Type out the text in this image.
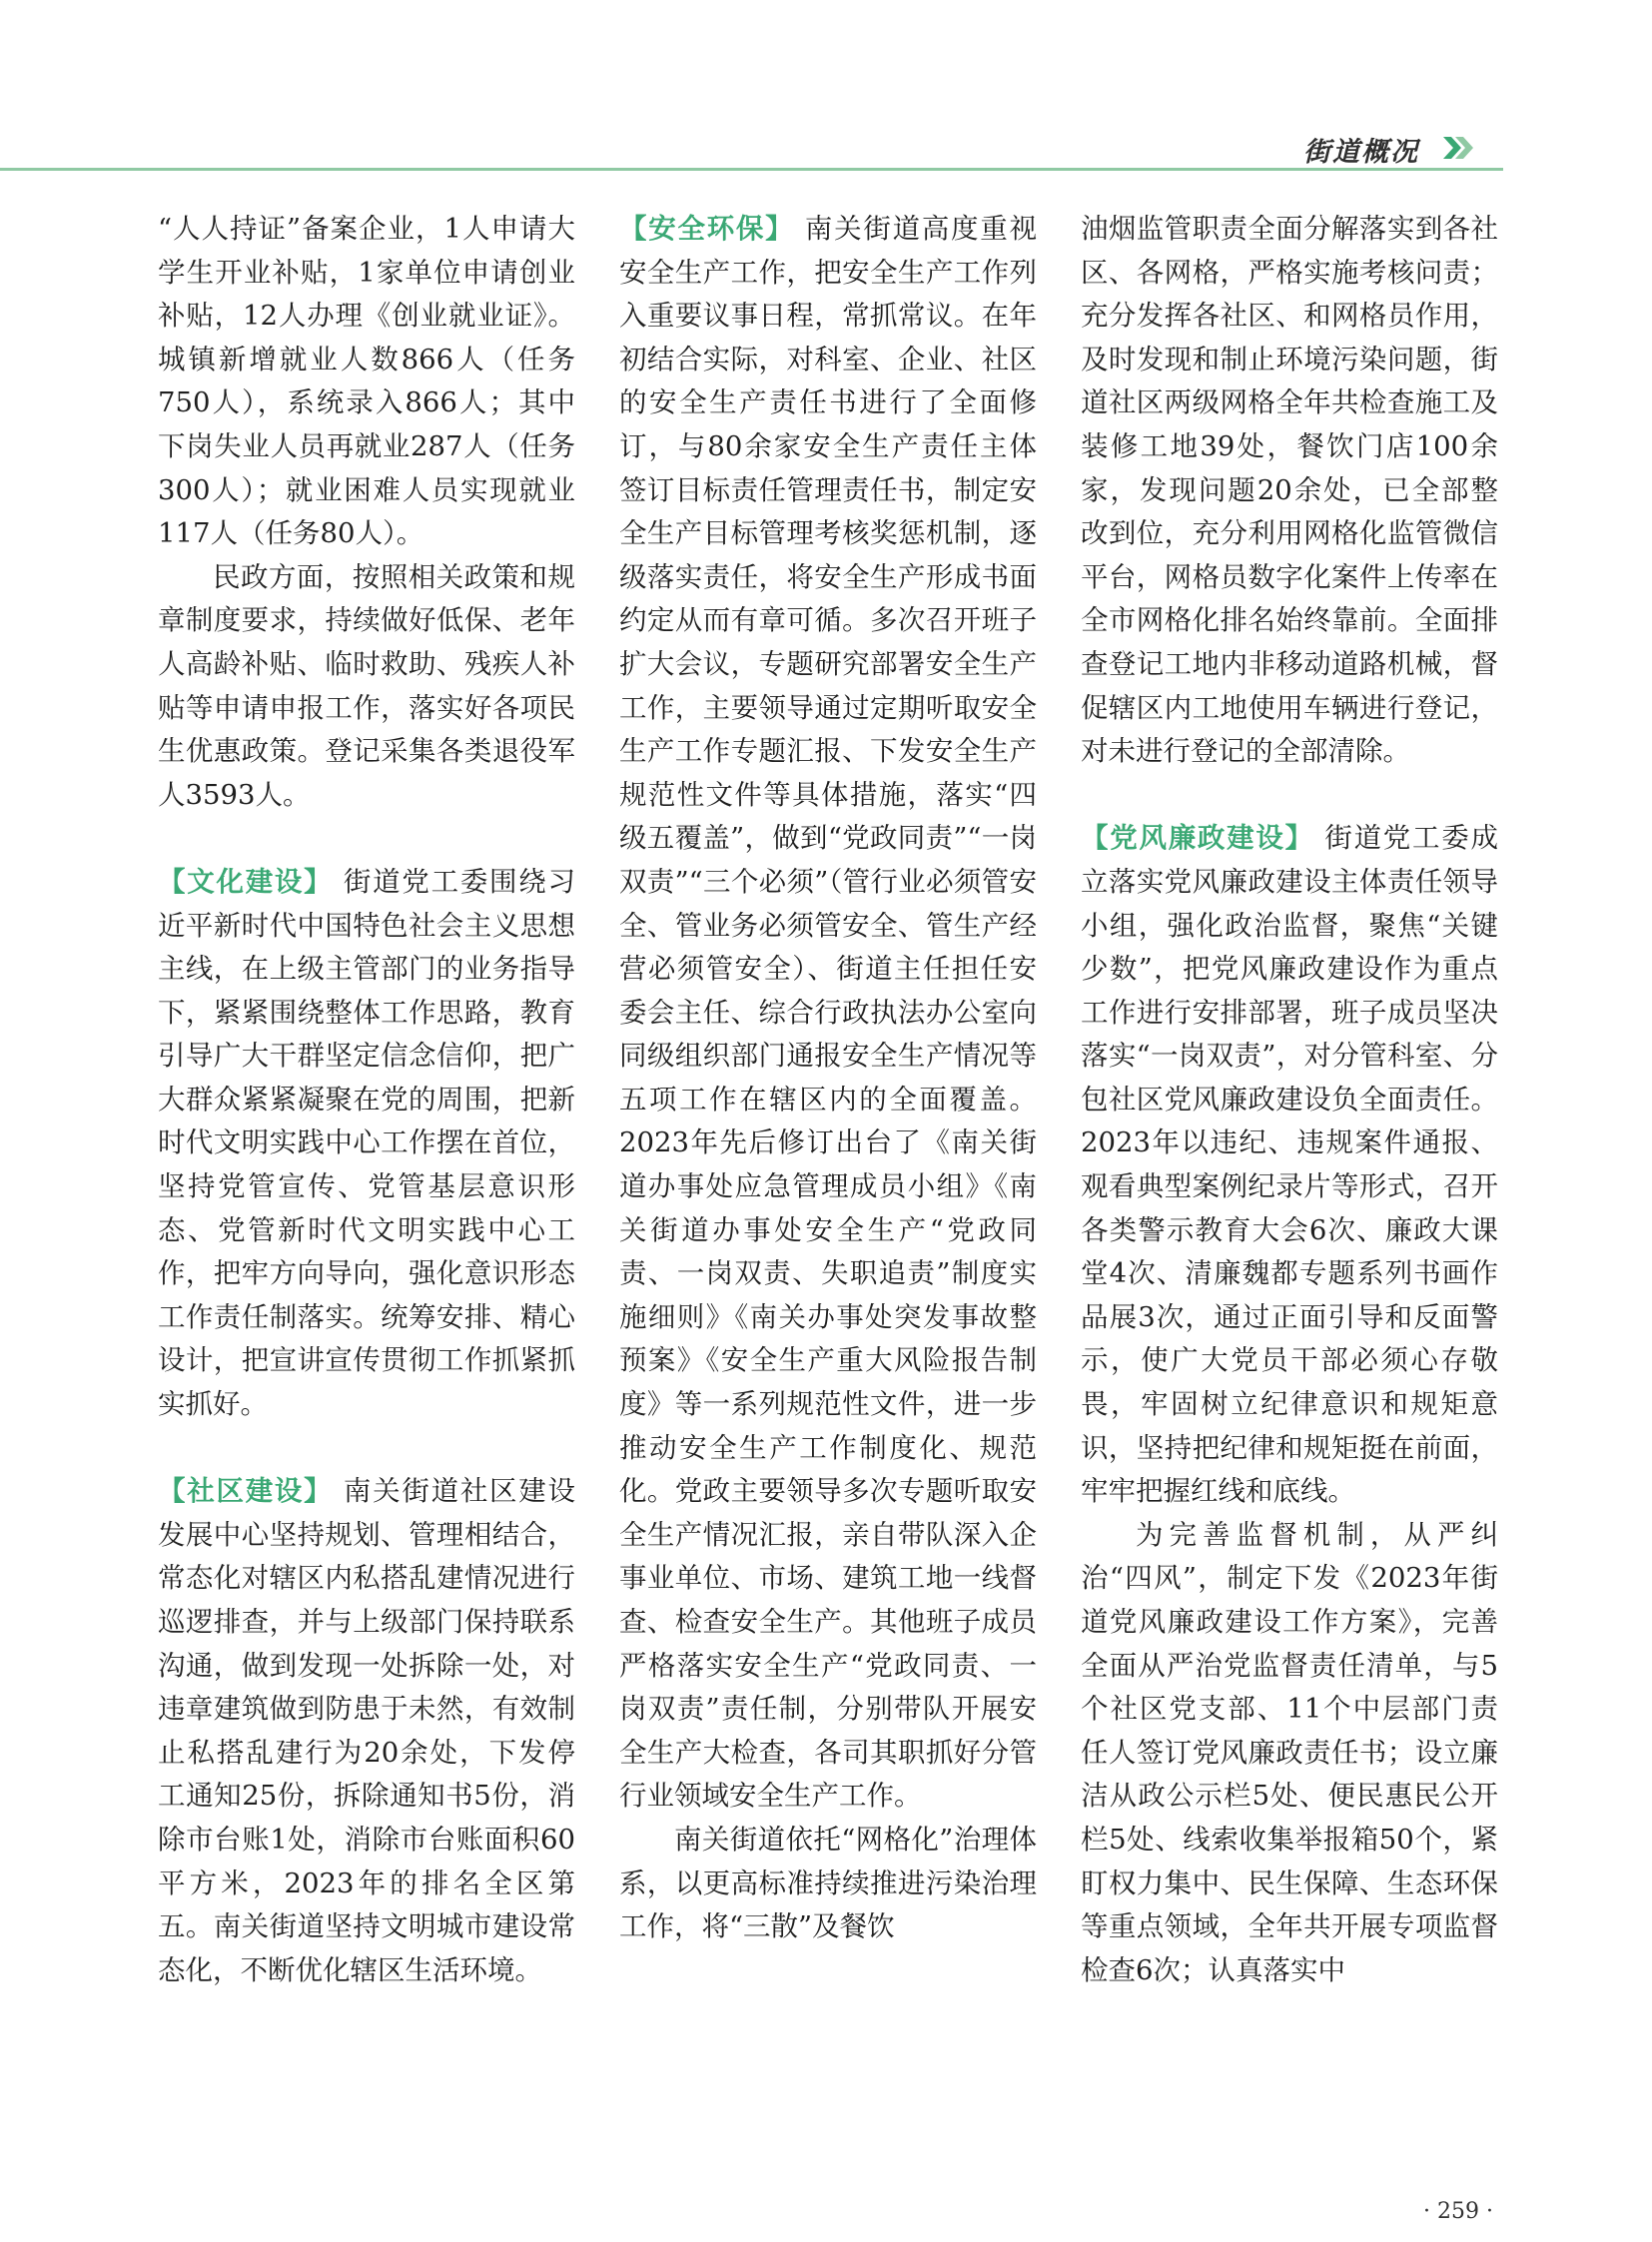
街道概况

“人人持证”备案企业，1人申请大学生开业补贴，1家单位申请创业补贴，12人办理《创业就业证》。 城镇新增就业人数866人（任务750人），系统录入866人；其中下岗失业人员再就业287人（任务300人）；就业困难人员实现就业117人（任务80人）。

民政方面，按照相关政策和规章制度要求，持续做好低保、老年人高龄补贴、临时救助、残疾人补贴等申请申报工作，落实好各项民生优惠政策。登记采集各类退役军人3593人。

【文化建设】 街道党工委围绕习近平新时代中国特色社会主义思想主线，在上级主管部门的业务指导下，紧紧围绕整体工作思路，教育引导广大干群坚定信念信仰，把广大群众紧紧凝聚在党的周围，把新时代文明实践中心工作摆在首位，坚持党管宣传、党管基层意识形态、党管新时代文明实践中心工作，把牢方向导向，强化意识形态工作责任制落实。统筹安排、精心设计，把宣讲宣传贯彻工作抓紧抓实抓好。

【社区建设】 南关街道社区建设发展中心坚持规划、管理相结合，常态化对辖区内私搭乱建情况进行巡逻排查，并与上级部门保持联系沟通，做到发现一处拆除一处，对违章建筑做到防患于未然，有效制止私搭乱建行为20余处，下发停工通知25份，拆除通知书5份，消除市台账1处，消除市台账面积60平方米，2023年的排名全区第五。南关街道坚持文明城市建设常态化，不断优化辖区生活环境。

【安全环保】 南关街道高度重视安全生产工作，把安全生产工作列入重要议事日程，常抓常议。在年初结合实际，对科室、企业、社区的安全生产责任书进行了全面修订，与80余家安全生产责任主体签订目标责任管理责任书，制定安全生产目标管理考核奖惩机制，逐级落实责任，将安全生产形成书面约定从而有章可循。多次召开班子扩大会议，专题研究部署安全生产工作，主要领导通过定期听取安全生产工作专题汇报、下发安全生产规范性文件等具体措施，落实“四级五覆盖”，做到“党政同责”“一岗双责”“三个必须”（管行业必须管安全、管业务必须管安全、管生产经营必须管安全）、街道主任担任安委会主任、综合行政执法办公室向同级组织部门通报安全生产情况等五项工作在辖区内的全面覆盖。2023年先后修订出台了《南关街道办事处应急管理成员小组》《南关街道办事处安全生产“党政同责、一岗双责、失职追责”制度实施细则》《南关办事处突发事故整预案》《安全生产重大风险报告制度》等一系列规范性文件，进一步推动安全生产工作制度化、规范化。党政主要领导多次专题听取安全生产情况汇报，亲自带队深入企事业单位、市场、建筑工地一线督查、检查安全生产。其他班子成员严格落实安全生产“党政同责、一岗双责”责任制，分别带队开展安全生产大检查，各司其职抓好分管行业领域安全生产工作。

南关街道依托“网格化”治理体系，以更高标准持续推进污染治理工作，将“三散”及餐饮

油烟监管职责全面分解落实到各社区、各网格，严格实施考核问责；充分发挥各社区、和网格员作用，及时发现和制止环境污染问题，街道社区两级网格全年共检查施工及装修工地39处，餐饮门店100余家，发现问题20余处，已全部整改到位，充分利用网格化监管微信平台，网格员数字化案件上传率在全市网格化排名始终靠前。全面排查登记工地内非移动道路机械，督促辖区内工地使用车辆进行登记，对未进行登记的全部清除。

【党风廉政建设】 街道党工委成立落实党风廉政建设主体责任领导小组，强化政治监督，聚焦“关键少数”，把党风廉政建设作为重点工作进行安排部署，班子成员坚决落实“一岗双责”，对分管科室、分包社区党风廉政建设负全面责任。2023年以违纪、违规案件通报、观看典型案例纪录片等形式，召开各类警示教育大会6次、廉政大课堂4次、清廉魏都专题系列书画作品展3次，通过正面引导和反面警示，使广大党员干部必须心存敬畏，牢固树立纪律意识和规矩意识，坚持把纪律和规矩挺在前面，牢牢把握红线和底线。

为完善监督机制，从严纠治“四风”，制定下发《2023年街道党风廉政建设工作方案》，完善全面从严治党监督责任清单，与5个社区党支部、11个中层部门责任人签订党风廉政责任书；设立廉洁从政公示栏5处、便民惠民公开栏5处、线索收集举报箱50个，紧盯权力集中、民生保障、生态环保等重点领域，全年共开展专项监督检查6次；认真落实中

· 259 ·
